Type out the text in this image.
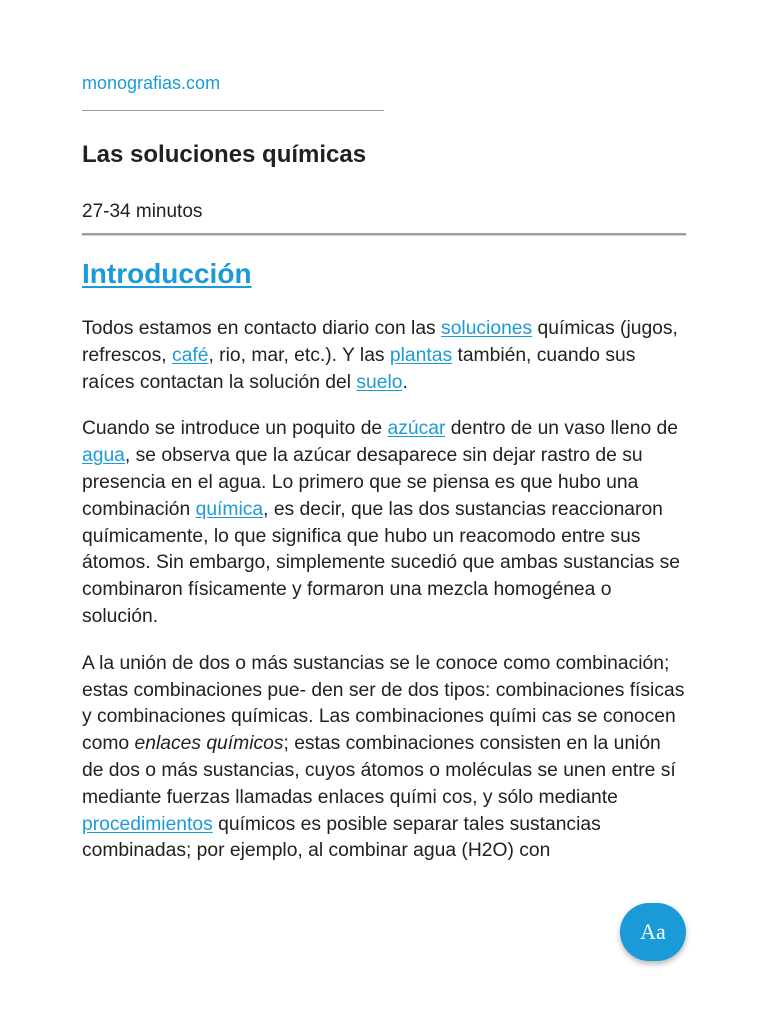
monografias.com
Las soluciones químicas
27-34 minutos
Introducción

Todos estamos en contacto diario con las soluciones químicas (jugos, refrescos, café, rio, mar, etc.). Y las plantas también, cuando sus raíces contactan la solución del suelo.

Cuando se introduce un poquito de azúcar dentro de un vaso lleno de agua, se observa que la azúcar desaparece sin dejar rastro de su presencia en el agua. Lo primero que se piensa es que hubo una combinación química, es decir, que las dos sustancias reaccionaron químicamente, lo que significa que hubo un reacomodo entre sus átomos. Sin embargo, simplemente sucedió que ambas sustancias se combinaron físicamente y formaron una mezcla homogénea o solución.

A la unión de dos o más sustancias se le conoce como combinación; estas combinaciones pue- den ser de dos tipos: combinaciones físicas y combinaciones químicas. Las combinaciones quími cas se conocen como enlaces químicos; estas combinaciones consisten en la unión de dos o más sustancias, cuyos átomos o moléculas se unen entre sí mediante fuerzas llamadas enlaces quími cos, y sólo mediante procedimientos químicos es posible separar tales sustancias combinadas; por ejemplo, al combinar agua (H2O) con

Aa
